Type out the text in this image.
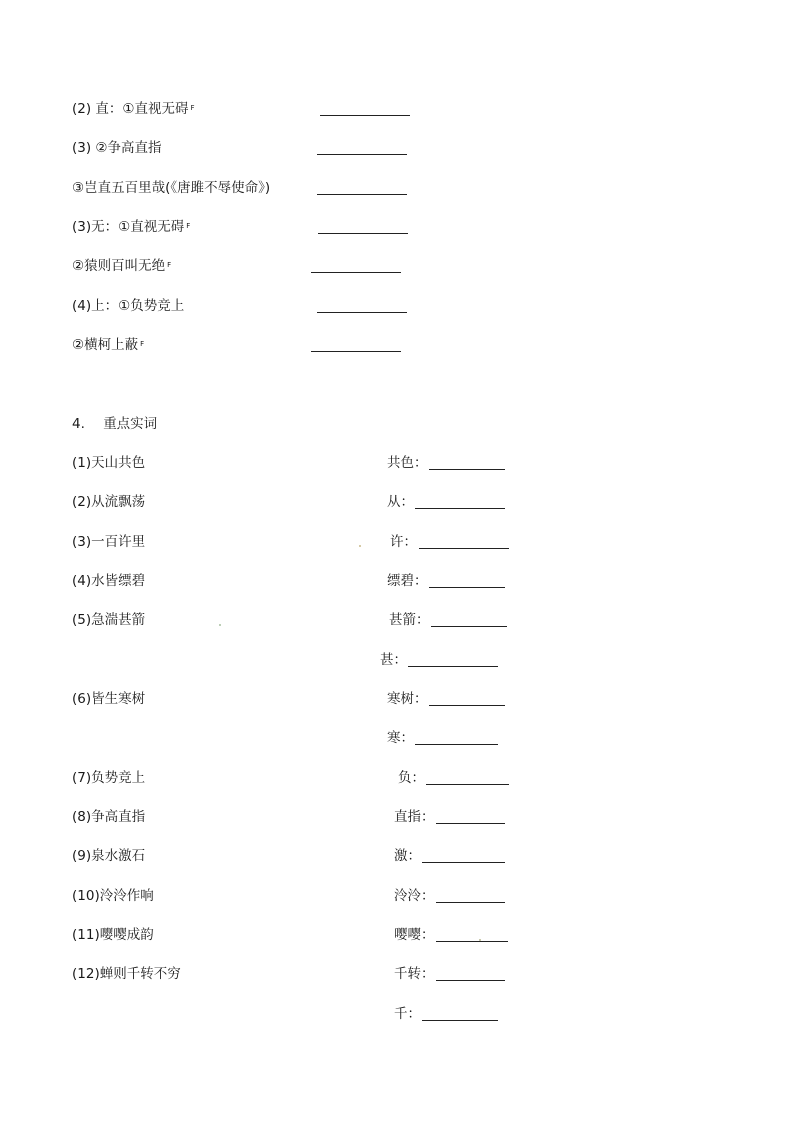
(2) 直：①直视无碍 $^F$
(3) ②争高直指
③岂直五百里哉(《唐雎不辱使命》)
(3)无：①直视无碍 $^F$
②猿则百叫无绝 $^F$
(4)上：①负势竞上
②横柯上蔽 $^F$
4. 重点实词
(1)天山共色	共色：
(2)从流飘荡	从：
(3)一百许里	许：
(4)水皆缥碧	缥碧：
(5)急湍甚箭	甚箭：
甚：
(6)皆生寒树	寒树：
寒：
(7)负势竞上	负：
(8)争高直指	直指：
(9)泉水激石	激：
(10)泠泠作响	泠泠：
(11)嘤嘤成韵	嘤嘤：
(12)蝉则千转不穷	千转：
千：
